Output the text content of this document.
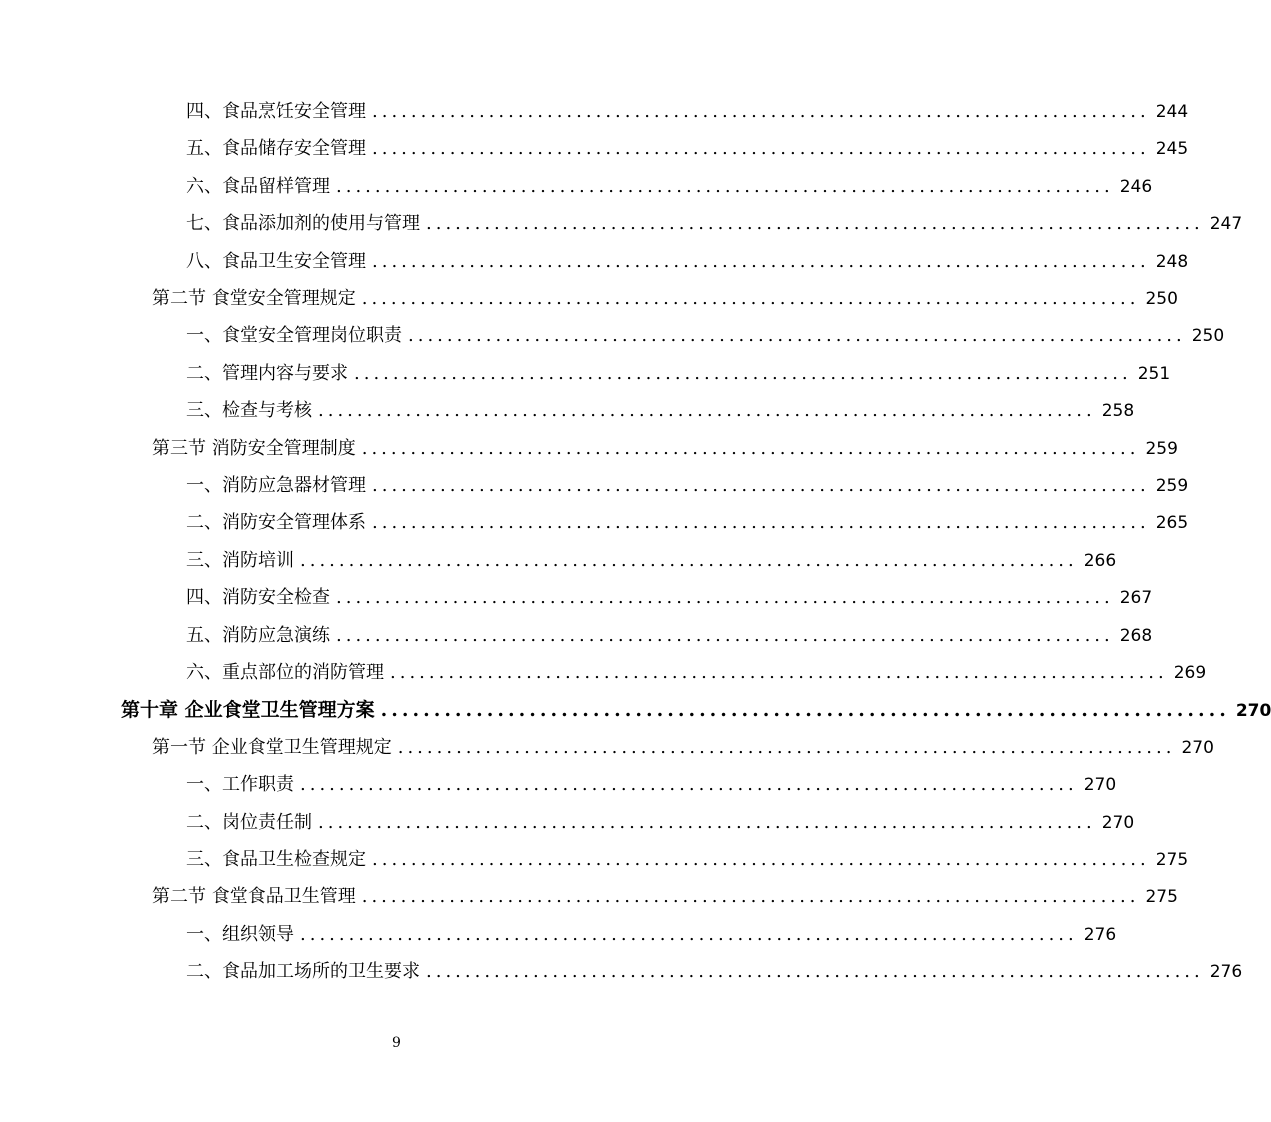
四、食品烹饪安全管理 ................................................................................ 244
五、食品储存安全管理 ................................................................................ 245
六、食品留样管理 ................................................................................ 246
七、食品添加剂的使用与管理 ................................................................................ 247
八、食品卫生安全管理 ................................................................................ 248
第二节 食堂安全管理规定 ................................................................................ 250
一、食堂安全管理岗位职责 ................................................................................ 250
二、管理内容与要求 ................................................................................ 251
三、检查与考核 ................................................................................ 258
第三节 消防安全管理制度 ................................................................................ 259
一、消防应急器材管理 ................................................................................ 259
二、消防安全管理体系 ................................................................................ 265
三、消防培训 ................................................................................ 266
四、消防安全检查 ................................................................................ 267
五、消防应急演练 ................................................................................ 268
六、重点部位的消防管理 ................................................................................ 269
第十章 企业食堂卫生管理方案 ................................................................................ 270
第一节 企业食堂卫生管理规定 ................................................................................ 270
一、工作职责 ................................................................................ 270
二、岗位责任制 ................................................................................ 270
三、食品卫生检查规定 ................................................................................ 275
第二节 食堂食品卫生管理 ................................................................................ 275
一、组织领导 ................................................................................ 276
二、食品加工场所的卫生要求 ................................................................................ 276
9
